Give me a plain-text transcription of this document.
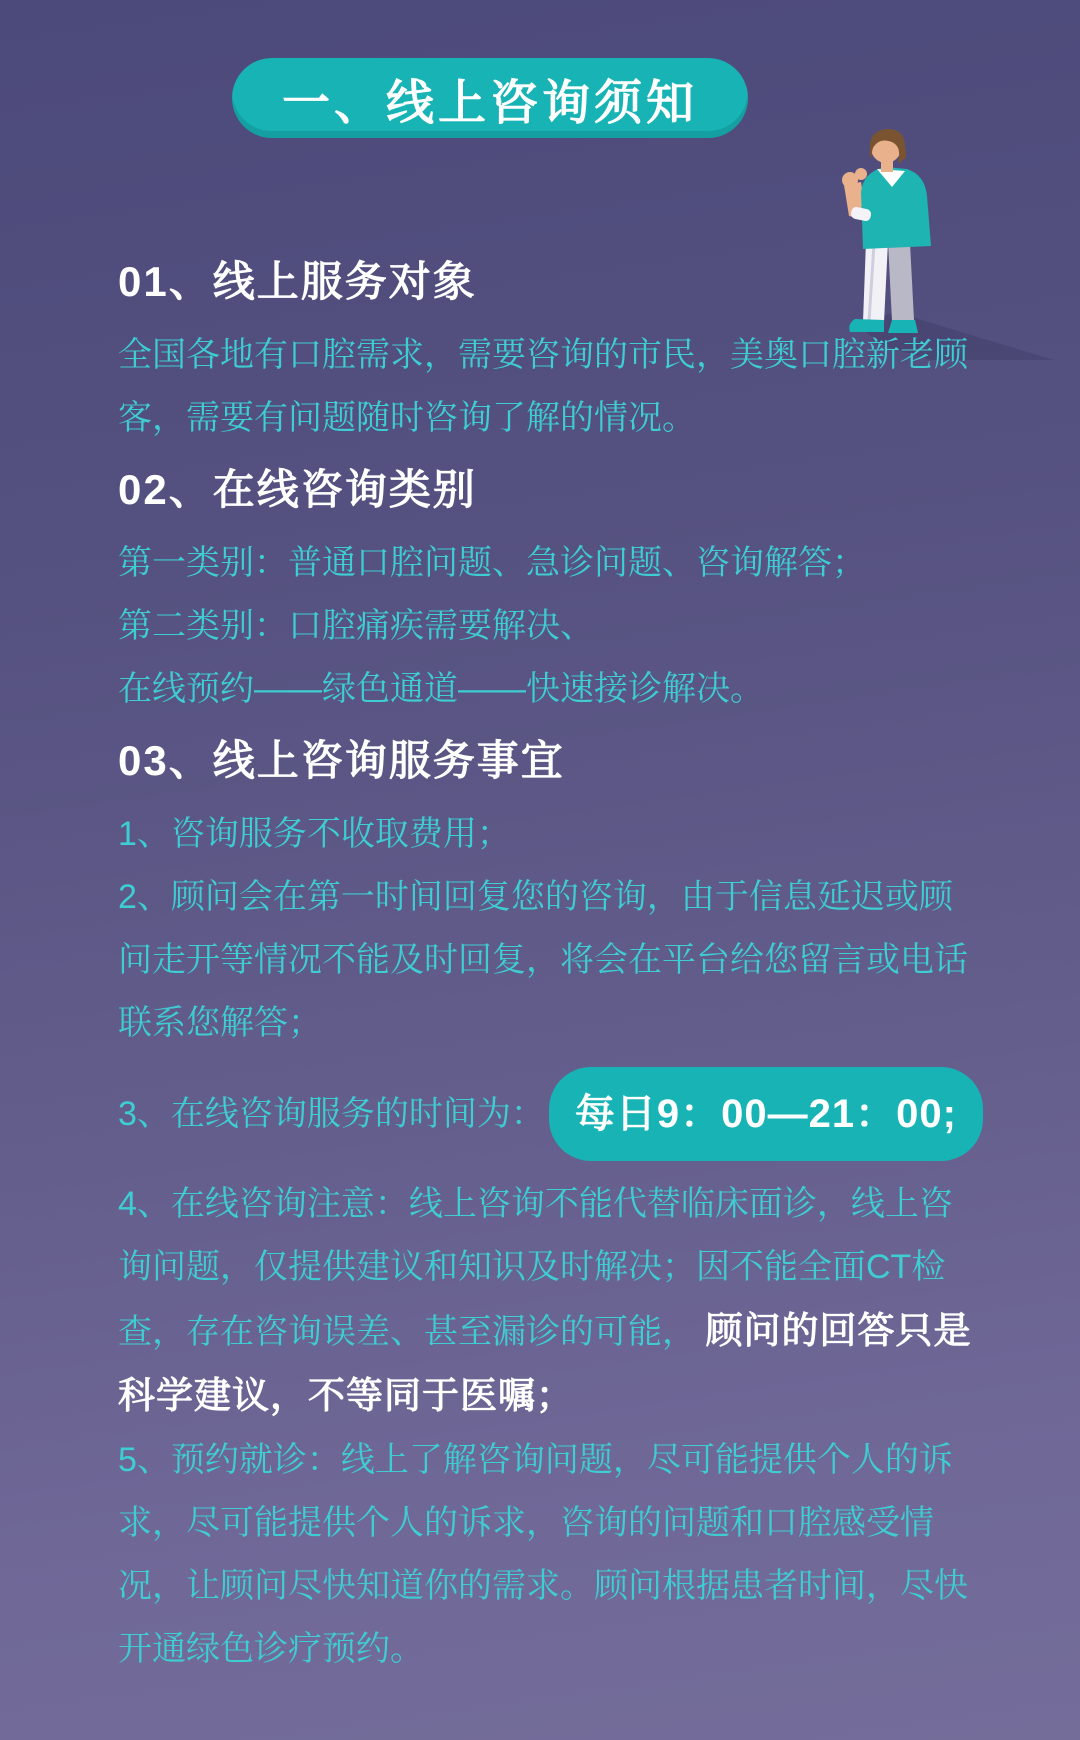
一、线上咨询须知
01、线上服务对象

全国各地有口腔需求，需要咨询的市民，美奥口腔新老顾客，需要有问题随时咨询了解的情况。

02、在线咨询类别

第一类别：普通口腔问题、急诊问题、咨询解答；

第二类别：口腔痛疾需要解决、

在线预约——绿色通道——快速接诊解决。

03、线上咨询服务事宜

1、咨询服务不收取费用；

2、顾问会在第一时间回复您的咨询，由于信息延迟或顾问走开等情况不能及时回复，将会在平台给您留言或电话联系您解答；

3、在线咨询服务的时间为： 每日9：00—21：00;

4、在线咨询注意：线上咨询不能代替临床面诊，线上咨询问题，仅提供建议和知识及时解决；因不能全面CT检查，存在咨询误差、甚至漏诊的可能， 顾问的回答只是科学建议，不等同于医嘱；

5、预约就诊：线上了解咨询问题，尽可能提供个人的诉求，尽可能提供个人的诉求，咨询的问题和口腔感受情况，让顾问尽快知道你的需求。顾问根据患者时间，尽快开通绿色诊疗预约。
